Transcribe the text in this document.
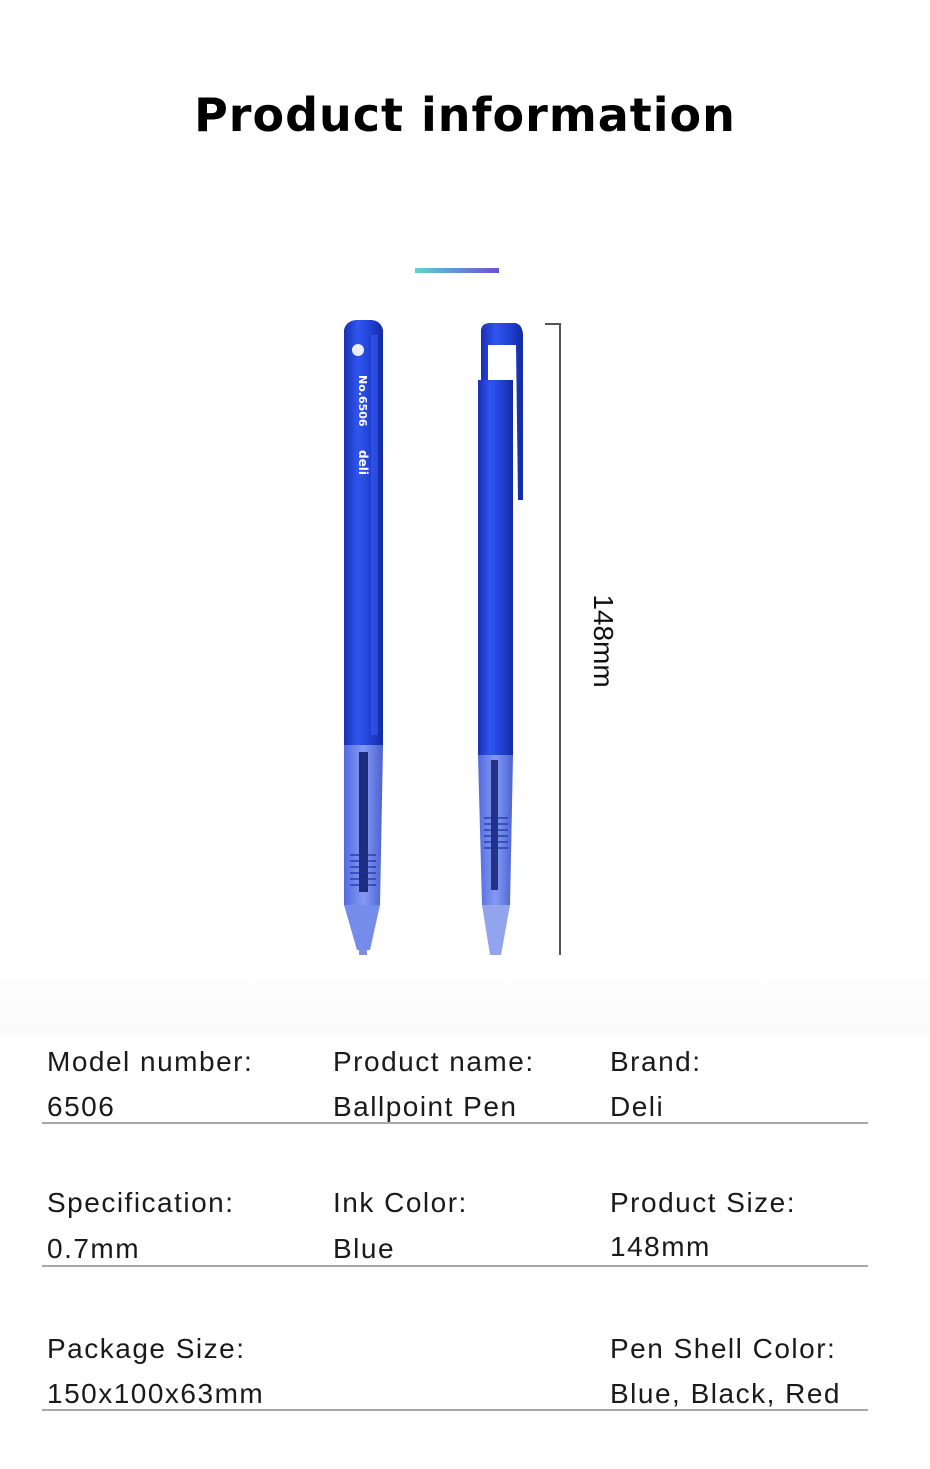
Product information
No.6506
deli
148mm
Model number:
6506
Product name:
Ballpoint Pen
Brand:
Deli
Specification:
0.7mm
Ink Color:
Blue
Product Size:
148mm
Package Size:
150x100x63mm
Pen Shell Color:
Blue, Black, Red
